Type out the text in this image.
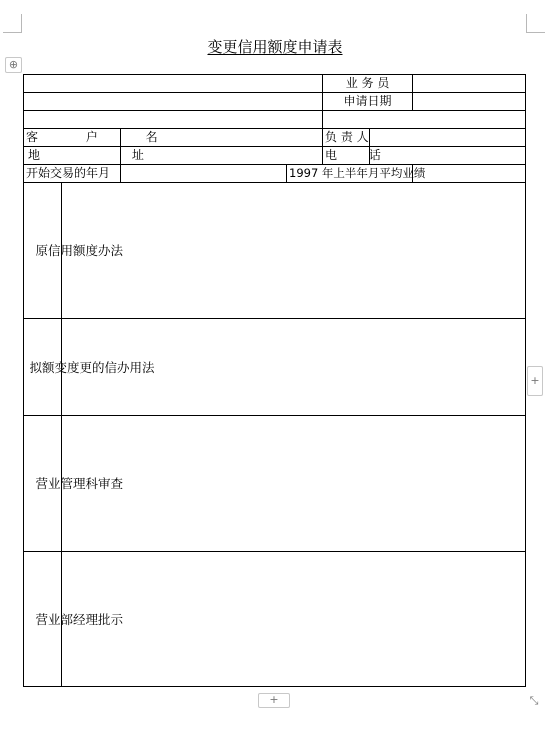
⊕
+
+	⤡
变更信用额度申请表
				业 务 员		
				申请日期		

客 户 名				负 责 人		
地 址				电 话		
开始交易的年月			1997 年上半年月平均业绩			
原信用额度办法						
拟额变度更的信办用法						
营业管理科审查						
营业部经理批示						
